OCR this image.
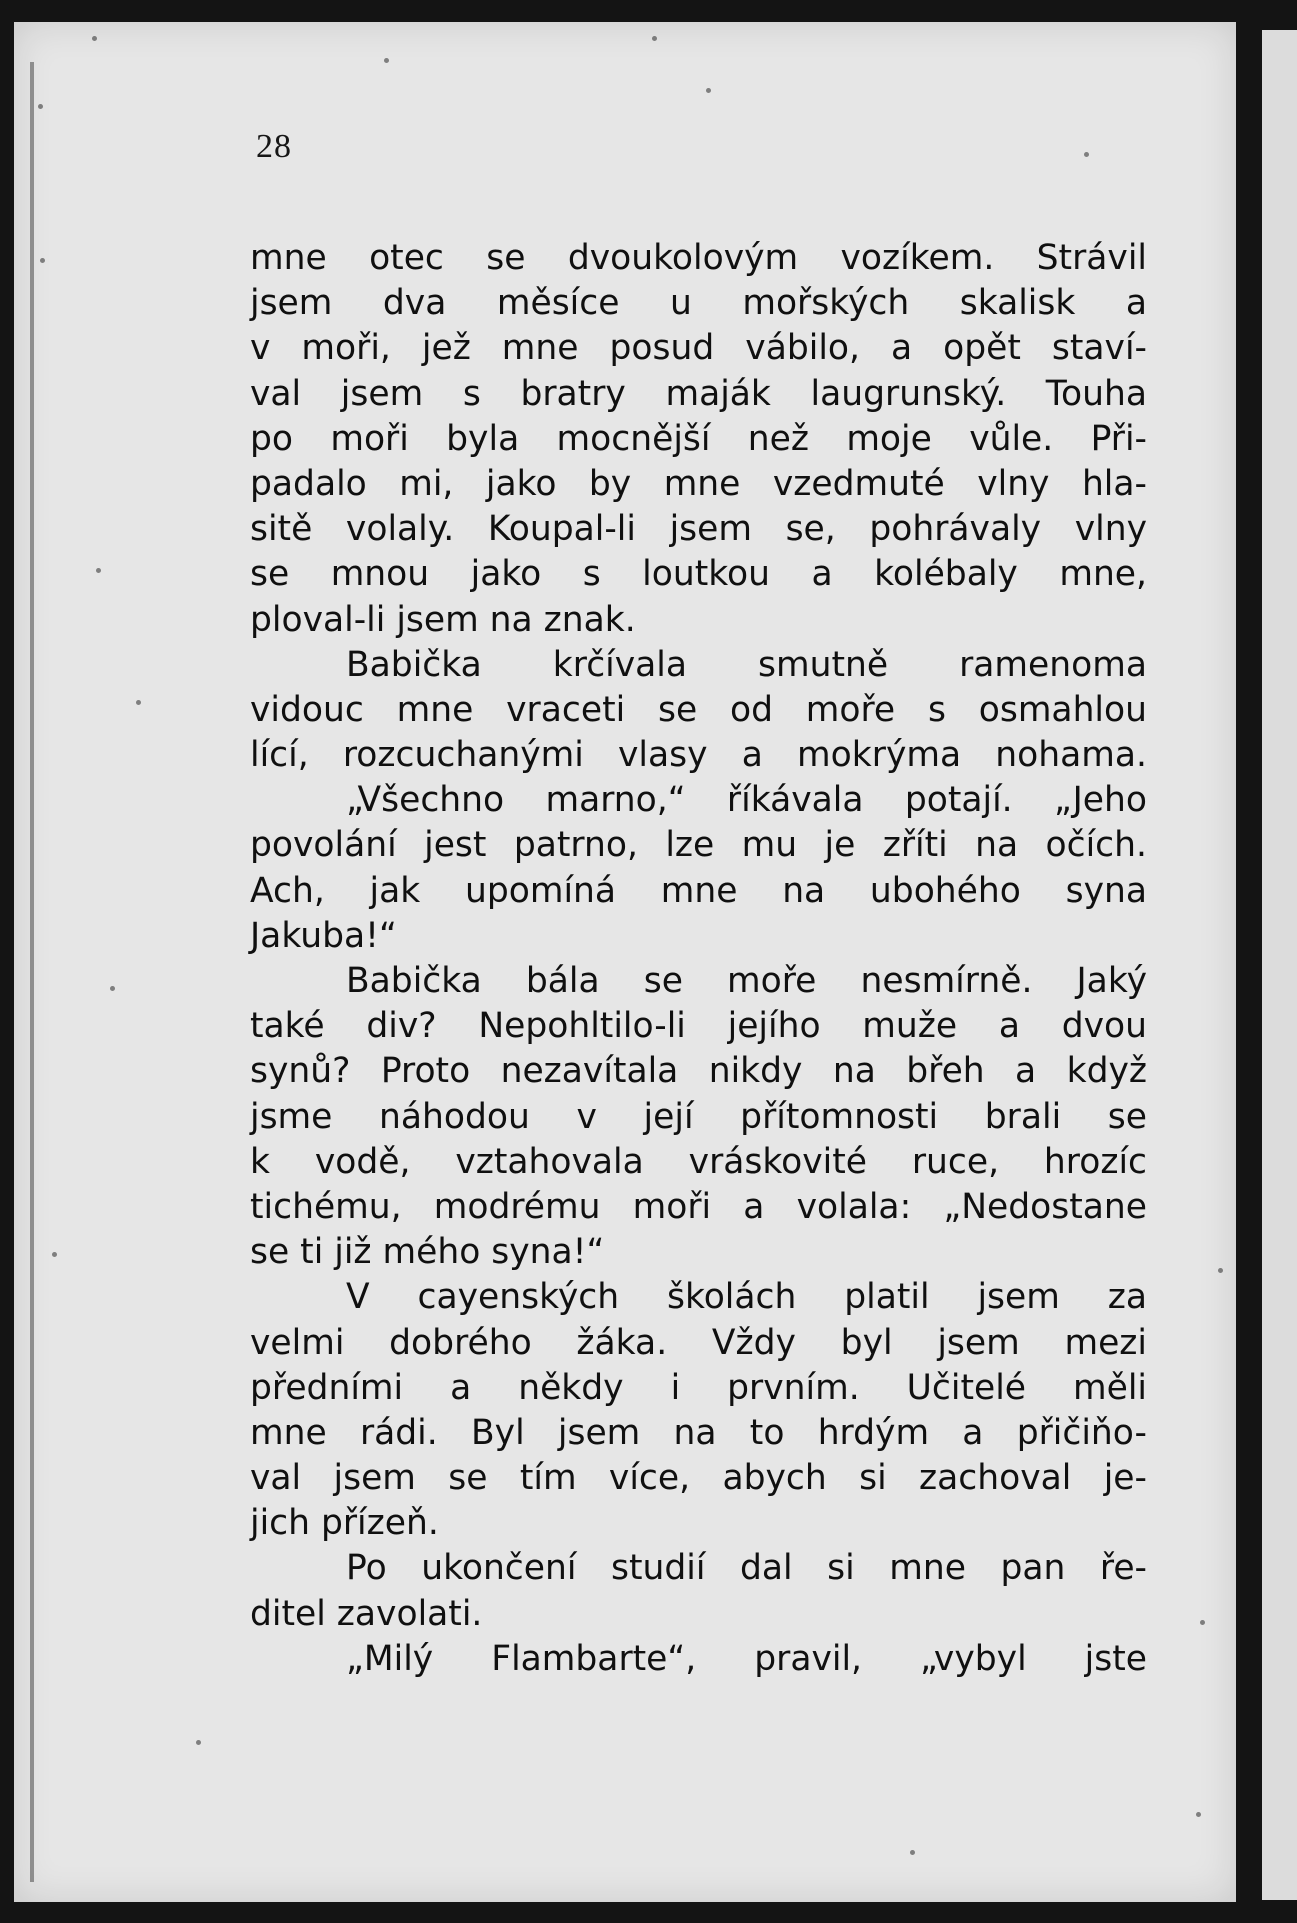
28
mne otec se dvoukolovým vozíkem. Strávil
jsem dva měsíce u mořských skalisk a
v moři, jež mne posud vábilo, a opět staví-
val jsem s bratry maják laugrunský. Touha
po moři byla mocnější než moje vůle. Při-
padalo mi, jako by mne vzedmuté vlny hla-
sitě volaly. Koupal-li jsem se, pohrávaly vlny
se mnou jako s loutkou a kolébaly mne,
ploval-li jsem na znak.
Babička krčívala smutně ramenoma
vidouc mne vraceti se od moře s osmahlou
lící, rozcuchanými vlasy a mokrýma nohama.
„Všechno marno,“ říkávala potají. „Jeho
povolání jest patrno, lze mu je zříti na očích.
Ach, jak upomíná mne na ubohého syna
Jakuba!“
Babička bála se moře nesmírně. Jaký
také div? Nepohltilo-li jejího muže a dvou
synů? Proto nezavítala nikdy na břeh a když
jsme náhodou v její přítomnosti brali se
k vodě, vztahovala vráskovité ruce, hrozíc
tichému, modrému moři a volala: „Nedostane
se ti již mého syna!“
V cayenských školách platil jsem za
velmi dobrého žáka. Vždy byl jsem mezi
předními a někdy i prvním. Učitelé měli
mne rádi. Byl jsem na to hrdým a přičiňo-
val jsem se tím více, abych si zachoval je-
jich přízeň.
Po ukončení studií dal si mne pan ře-
ditel zavolati.
„Milý Flambarte“, pravil, „vybyl jste
